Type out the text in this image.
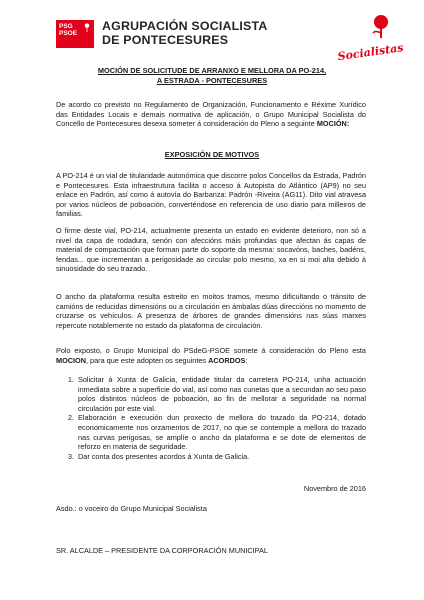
PSG
PSOE
AGRUPACIÓN SOCIALISTA
DE PONTECESURES
Socialistas
MOCIÓN DE SOLICITUDE DE ARRANXO E MELLORA DA PO-214,
A ESTRADA - PONTECESURES

De acordo co previsto no Regulamento de Organización, Funcionamento e Réxime Xurídico das Entidades Locais e demais normativa de aplicación, o Grupo Municipal Socialista do Concello de Pontecesures desexa someter á consideración do Pleno a seguinte MOCIÓN:

EXPOSICIÓN DE MOTIVOS

A PO-214 é un vial de titularidade autonómica que discorre polos Concellos da Estrada, Padrón e Pontecesures. Esta infraestrutura facilita o acceso á Autopista do Atlántico (AP9) no seu enlace en Padrón, así como á autovía do Barbanza: Padrón -Riveira (AG11). Dito vial atravesa por varios núcleos de poboación, converténdose en referencia de uso diario para milleiros de familias.

O firme deste vial, PO-214, actualmente presenta un estado en evidente deterioro, non só a nivel da capa de rodadura, senón con afeccións máis profundas que afectan ás capas de material de compactación que forman parte do soporte da mesma: socavóns, baches, badéns, fendas... que incrementan a perigosidade ao circular polo mesmo, xa en si moi alta debido á sinuosidade do seu trazado.

O ancho da plataforma resulta estreito en moitos tramos, mesmo dificultando o tránsito de camións de reducidas dimensións ou a circulación en ámbalas dúas direccións no momento de cruzarse os vehículos. A presenza de árbores de grandes dimensións nas súas marxes repercute notablemente no estado da plataforma de circulación.

Polo exposto, o Grupo Municipal do PSdeG-PSOE somete á consideración do Pleno esta MOCION, para que este adopten os seguintes ACORDOS:

1. Solicitar á Xunta de Galicia, entidade titular da carretera PO-214, unha actuación inmediata sobre a superficie do vial, así como nas cunetas que a secundan ao seu paso polos distintos núcleos de poboación, ao fin de mellorar a seguridade na normal circulación por este vial.
2. Elaboración e execución dun proxecto de mellora do trazado da PO-214, dotado economicamente nos orzamentos de 2017, no que se contemple a mellora do trazado nas curvas perigosas, se amplíe o ancho da plataforma e se dote de elementos de reforzo en materia de seguridade.
3. Dar conta dos presentes acordos á Xunta de Galicia.
Novembro de 2016
Asdo.: o voceiro do Grupo Municipal Socialista
SR. ALCALDE – PRESIDENTE DA CORPORACIÓN MUNICIPAL
